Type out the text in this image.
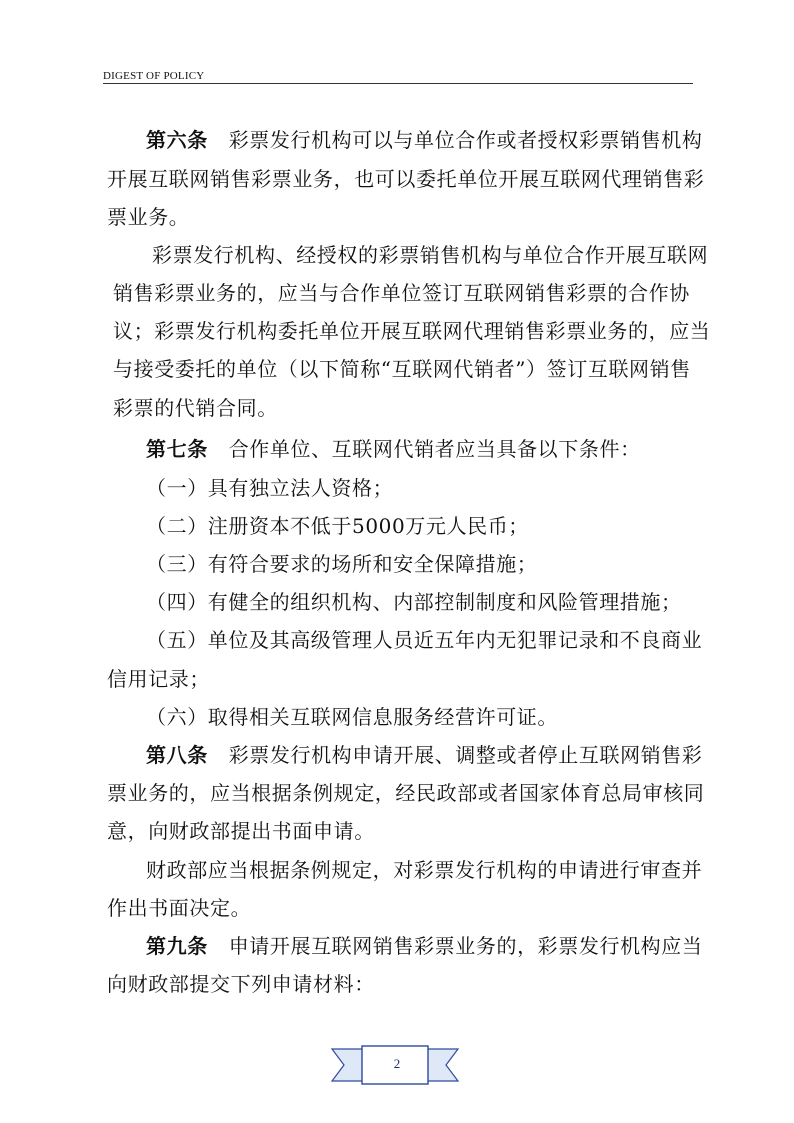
DIGEST OF POLICY
第六条 彩票发行机构可以与单位合作或者授权彩票销售机构
开展互联网销售彩票业务，也可以委托单位开展互联网代理销售彩
票业务。
彩票发行机构、经授权的彩票销售机构与单位合作开展互联网
销售彩票业务的，应当与合作单位签订互联网销售彩票的合作协
议；彩票发行机构委托单位开展互联网代理销售彩票业务的，应当
与接受委托的单位（以下简称“互联网代销者”）签订互联网销售
彩票的代销合同。
第七条 合作单位、互联网代销者应当具备以下条件：
（一）具有独立法人资格；
（二）注册资本不低于5000万元人民币；
（三）有符合要求的场所和安全保障措施；
（四）有健全的组织机构、内部控制制度和风险管理措施；
（五）单位及其高级管理人员近五年内无犯罪记录和不良商业
信用记录；
（六）取得相关互联网信息服务经营许可证。
第八条 彩票发行机构申请开展、调整或者停止互联网销售彩
票业务的，应当根据条例规定，经民政部或者国家体育总局审核同
意，向财政部提出书面申请。
财政部应当根据条例规定，对彩票发行机构的申请进行审查并
作出书面决定。
第九条 申请开展互联网销售彩票业务的，彩票发行机构应当
向财政部提交下列申请材料：
2
